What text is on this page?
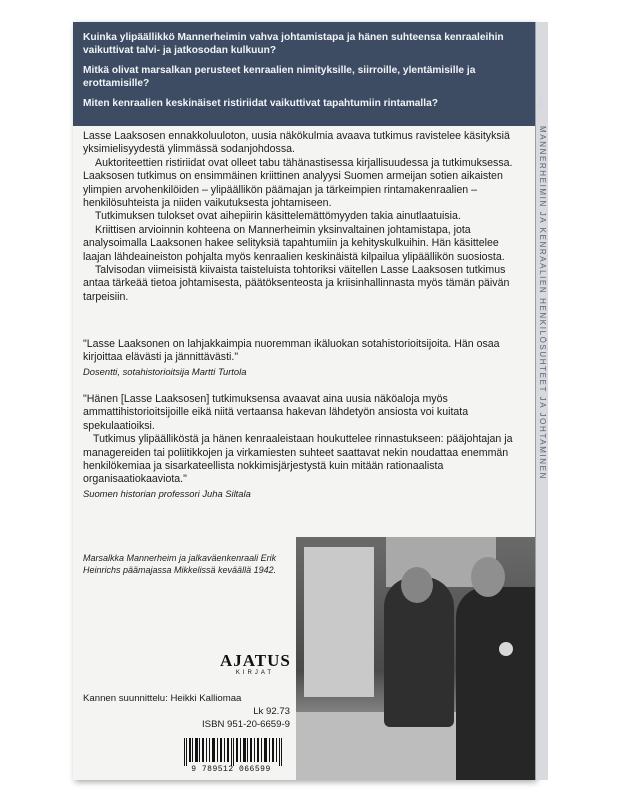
Kuinka ylipäällikkö Mannerheimin vahva johtamistapa ja hänen suhteensa kenraaleihin vaikuttivat talvi- ja jatkosodan kulkuun?

Mitkä olivat marsalkan perusteet kenraalien nimityksille, siirroille, ylentämisille ja erottamisille?

Miten kenraalien keskinäiset ristiriidat vaikuttivat tapahtumiin rintamalla?	Laas
MANNERHEIMIN JA KENRAALIEN HENKILÖSUHTEET JA JOHTAMINEN

Lasse Laaksosen ennakkoluuloton, uusia näkökulmia avaava tutkimus ravistelee käsityksiä yksimielisyydestä ylimmässä sodanjohdossa.

Auktoriteettien ristiriidat ovat olleet tabu tähänastisessa kirjallisuudessa ja tutkimuksessa. Laaksosen tutkimus on ensimmäinen kriittinen analyysi Suomen armeijan sotien aikaisten ylimpien arvohenkilöiden – ylipäällikön päämajan ja tärkeimpien rintamakenraalien – henkilösuhteista ja niiden vaikutuksesta johtamiseen.

Tutkimuksen tulokset ovat aihepiirin käsittelemättömyyden takia ainutlaatuisia.

Kriittisen arvioinnin kohteena on Mannerheimin yksinvaltainen johtamistapa, jota analysoimalla Laaksonen hakee selityksiä tapahtumiin ja kehityskulkuihin. Hän käsittelee laajan lähdeaineiston pohjalta myös kenraalien keskinäistä kilpailua ylipäällikön suosiosta.

Talvisodan viimeisistä kiivaista taisteluista tohtoriksi väitellen Lasse Laaksosen tutkimus antaa tärkeää tietoa johtamisesta, päätöksenteosta ja kriisinhallinnasta myös tämän päivän tarpeisiin.

"Lasse Laaksonen on lahjakkaimpia nuoremman ikäluokan sotahistorioitsijoita. Hän osaa kirjoittaa elävästi ja jännittävästi."

Dosentti, sotahistorioitsija Martti Turtola

"Hänen [Lasse Laaksosen] tutkimuksensa avaavat aina uusia näköaloja myös ammattihistorioitsijoille eikä niitä vertaansa hakevan lähdetyön ansiosta voi kuitata spekulaatioiksi.

Tutkimus ylipäälliköstä ja hänen kenraaleistaan houkuttelee rinnastukseen: pääjohtajan ja managereiden tai poliitikkojen ja virkamiesten suhteet saattavat nekin noudattaa enemmän henkilökemiaa ja sisarkateellista nokkimisjärjestystä kuin mitään rationaalista organisaatiokaaviota."

Suomen historian professori Juha Siltala

Marsalkka Mannerheim ja jalkaväenkenraali Erik Heinrichs päämajassa Mikkelissä keväällä 1942.
AJATUS
KIRJAT
Kannen suunnittelu: Heikki Kalliomaa
Lk 92.73
ISBN 951-20-6659-9
9 789512 066599
